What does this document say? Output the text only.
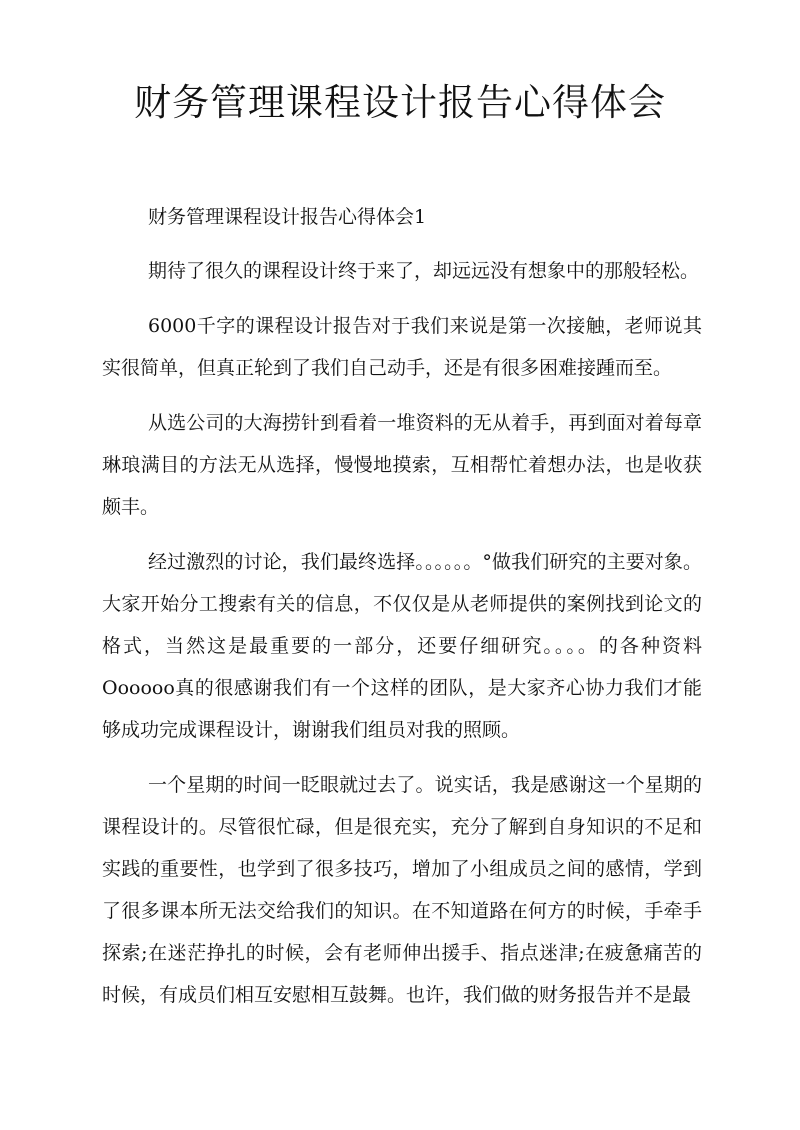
财务管理课程设计报告心得体会

财务管理课程设计报告心得体会1

期待了很久的课程设计终于来了，却远远没有想象中的那般轻松。

6000千字的课程设计报告对于我们来说是第一次接触，老师说其实很简单，但真正轮到了我们自己动手，还是有很多困难接踵而至。

从选公司的大海捞针到看着一堆资料的无从着手，再到面对着每章琳琅满目的方法无从选择，慢慢地摸索，互相帮忙着想办法，也是收获颇丰。

经过激烈的讨论，我们最终选择。。。。。。°做我们研究的主要对象。大家开始分工搜索有关的信息，不仅仅是从老师提供的案例找到论文的格式，当然这是最重要的一部分，还要仔细研究。。。。的各种资料Oooooo真的很感谢我们有一个这样的团队，是大家齐心协力我们才能够成功完成课程设计，谢谢我们组员对我的照顾。

一个星期的时间一眨眼就过去了。说实话，我是感谢这一个星期的课程设计的。尽管很忙碌，但是很充实，充分了解到自身知识的不足和实践的重要性，也学到了很多技巧，增加了小组成员之间的感情，学到了很多课本所无法交给我们的知识。在不知道路在何方的时候，手牵手探索;在迷茫挣扎的时候，会有老师伸出援手、指点迷津;在疲惫痛苦的时候，有成员们相互安慰相互鼓舞。也许，我们做的财务报告并不是最
